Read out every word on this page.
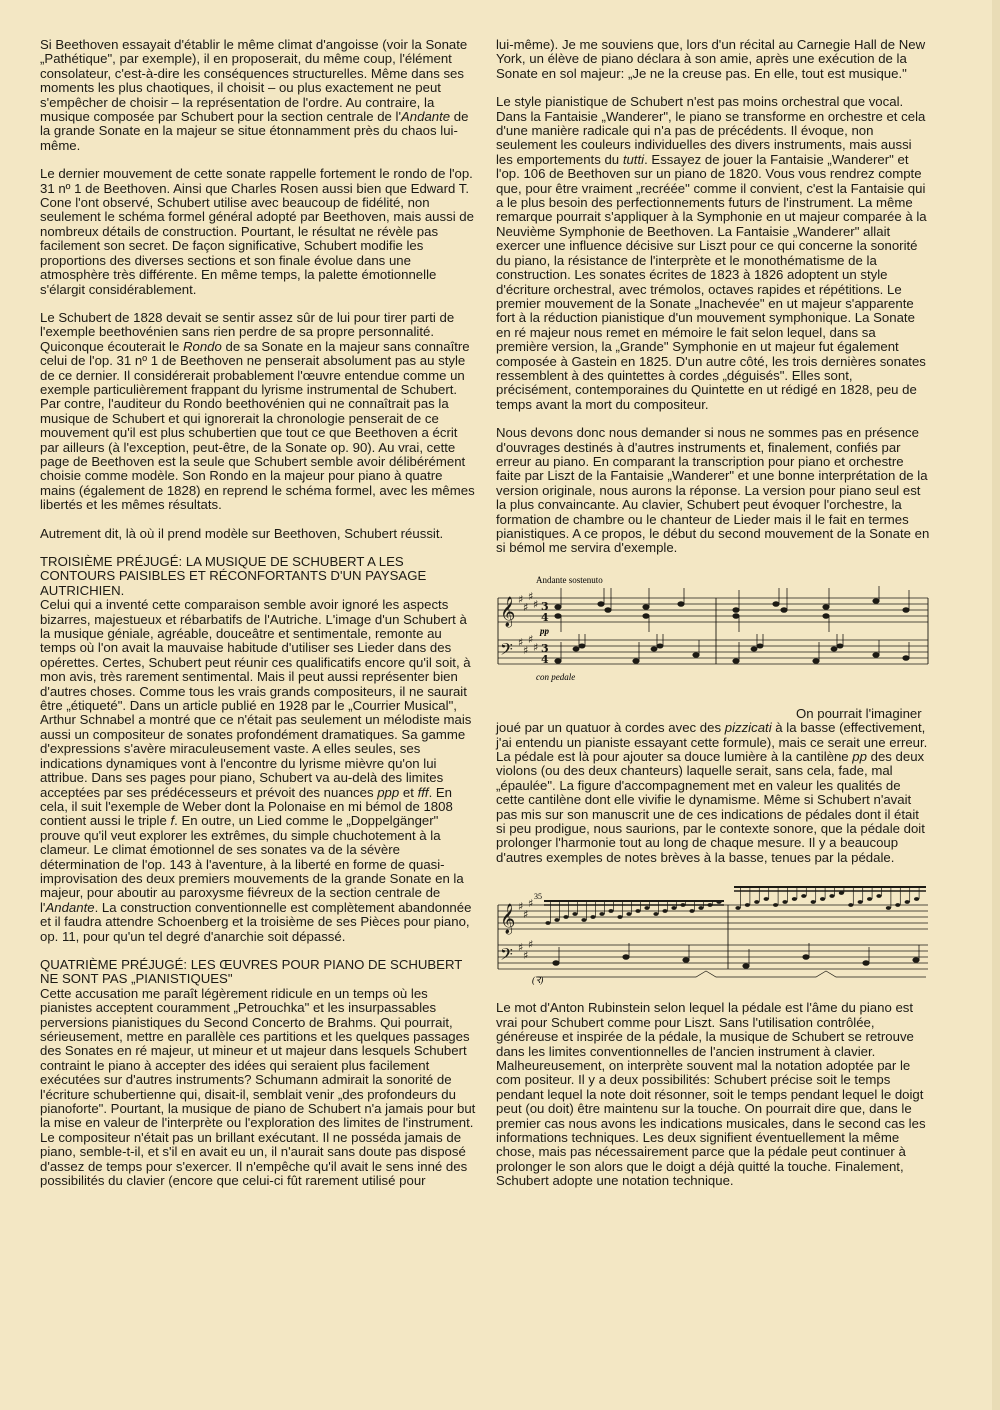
Si Beethoven essayait d'établir le même climat d'angoisse (voir la Sonate „Pathétique", par exemple), il en proposerait, du même coup, l'élément consolateur, c'est-à-dire les conséquences structurelles. Même dans ses moments les plus chaotiques, il choisit – ou plus exactement ne peut s'empêcher de choisir – la représentation de l'ordre. Au contraire, la musique composée par Schubert pour la section centrale de l'Andante de la grande Sonate en la majeur se situe étonnamment près du chaos lui-même.

Le dernier mouvement de cette sonate rappelle fortement le rondo de l'op. 31 nº 1 de Beethoven. Ainsi que Charles Rosen aussi bien que Edward T. Cone l'ont observé, Schubert utilise avec beaucoup de fidélité, non seulement le schéma formel général adopté par Beethoven, mais aussi de nombreux détails de construction. Pourtant, le résultat ne révèle pas facilement son secret. De façon significative, Schubert modifie les proportions des diverses sections et son finale évolue dans une atmosphère très différente. En même temps, la palette émotionnelle s'élargit considérablement.

Le Schubert de 1828 devait se sentir assez sûr de lui pour tirer parti de l'exemple beethovénien sans rien perdre de sa propre personnalité. Quiconque écouterait le Rondo de sa Sonate en la majeur sans connaître celui de l'op. 31 nº 1 de Beethoven ne penserait absolument pas au style de ce dernier. Il considérerait probablement l'œuvre entendue comme un exemple particulièrement frappant du lyrisme instrumental de Schubert. Par contre, l'auditeur du Rondo beethovénien qui ne connaîtrait pas la musique de Schubert et qui ignorerait la chronologie penserait de ce mouvement qu'il est plus schubertien que tout ce que Beethoven a écrit par ailleurs (à l'exception, peut-être, de la Sonate op. 90). Au vrai, cette page de Beethoven est la seule que Schubert semble avoir délibérément choisie comme modèle. Son Rondo en la majeur pour piano à quatre mains (également de 1828) en reprend le schéma formel, avec les mêmes libertés et les mêmes résultats.

Autrement dit, là où il prend modèle sur Beethoven, Schubert réussit.

TROISIÈME PRÉJUGÉ: LA MUSIQUE DE SCHUBERT A LES CONTOURS PAISIBLES ET RÉCONFORTANTS D'UN PAYSAGE AUTRICHIEN.

Celui qui a inventé cette comparaison semble avoir ignoré les aspects bizarres, majestueux et rébarbatifs de l'Autriche. L'image d'un Schubert à la musique géniale, agréable, douceâtre et sentimentale, remonte au temps où l'on avait la mauvaise habitude d'utiliser ses Lieder dans des opérettes. Certes, Schubert peut réunir ces qualificatifs encore qu'il soit, à mon avis, très rarement sentimental. Mais il peut aussi représenter bien d'autres choses. Comme tous les vrais grands compositeurs, il ne saurait être „étiqueté". Dans un article publié en 1928 par le „Courrier Musical", Arthur Schnabel a montré que ce n'était pas seulement un mélodiste mais aussi un compositeur de sonates profondément dramatiques. Sa gamme d'expressions s'avère miraculeusement vaste. A elles seules, ses indications dynamiques vont à l'encontre du lyrisme mièvre qu'on lui attribue. Dans ses pages pour piano, Schubert va au-delà des limites acceptées par ses prédécesseurs et prévoit des nuances ppp et fff. En cela, il suit l'exemple de Weber dont la Polonaise en mi bémol de 1808 contient aussi le triple f. En outre, un Lied comme le „Doppelgänger" prouve qu'il veut explorer les extrêmes, du simple chuchotement à la clameur. Le climat émotionnel de ses sonates va de la sévère détermination de l'op. 143 à l'aventure, à la liberté en forme de quasi-improvisation des deux premiers mouvements de la grande Sonate en la majeur, pour aboutir au paroxysme fiévreux de la section centrale de l'Andante. La construction conventionnelle est complètement abandonnée et il faudra attendre Schoenberg et la troisième de ses Pièces pour piano, op. 11, pour qu'un tel degré d'anarchie soit dépassé.

QUATRIÈME PRÉJUGÉ: LES ŒUVRES POUR PIANO DE SCHUBERT NE SONT PAS „PIANISTIQUES"

Cette accusation me paraît légèrement ridicule en un temps où les pianistes acceptent couramment „Petrouchka" et les insurpassables perversions pianistiques du Second Concerto de Brahms. Qui pourrait, sérieusement, mettre en parallèle ces partitions et les quelques passages des Sonates en ré majeur, ut mineur et ut majeur dans lesquels Schubert contraint le piano à accepter des idées qui seraient plus facilement exécutées sur d'autres instruments? Schumann admirait la sonorité de l'écriture schubertienne qui, disait-il, semblait venir „des profondeurs du pianoforte". Pourtant, la musique de piano de Schubert n'a jamais pour but la mise en valeur de l'interprète ou l'exploration des limites de l'instrument. Le compositeur n'était pas un brillant exécutant. Il ne posséda jamais de piano, semble-t-il, et s'il en avait eu un, il n'aurait sans doute pas disposé d'assez de temps pour s'exercer. Il n'empêche qu'il avait le sens inné des possibilités du clavier (encore que celui-ci fût rarement utilisé pour

lui-même). Je me souviens que, lors d'un récital au Carnegie Hall de New York, un élève de piano déclara à son amie, après une exécution de la Sonate en sol majeur: „Je ne la creuse pas. En elle, tout est musique."

Le style pianistique de Schubert n'est pas moins orchestral que vocal. Dans la Fantaisie „Wanderer", le piano se transforme en orchestre et cela d'une manière radicale qui n'a pas de précédents. Il évoque, non seulement les couleurs individuelles des divers instruments, mais aussi les emportements du tutti. Essayez de jouer la Fantaisie „Wanderer" et l'op. 106 de Beethoven sur un piano de 1820. Vous vous rendrez compte que, pour être vraiment „recréée" comme il convient, c'est la Fantaisie qui a le plus besoin des perfectionnements futurs de l'instrument. La même remarque pourrait s'appliquer à la Symphonie en ut majeur comparée à la Neuvième Symphonie de Beethoven. La Fantaisie „Wanderer" allait exercer une influence décisive sur Liszt pour ce qui concerne la sonorité du piano, la résistance de l'interprète et le monothématisme de la construction. Les sonates écrites de 1823 à 1826 adoptent un style d'écriture orchestral, avec trémolos, octaves rapides et répétitions. Le premier mouvement de la Sonate „Inachevée" en ut majeur s'apparente fort à la réduction pianistique d'un mouvement symphonique. La Sonate en ré majeur nous remet en mémoire le fait selon lequel, dans sa première version, la „Grande" Symphonie en ut majeur fut également composée à Gastein en 1825. D'un autre côté, les trois dernières sonates ressemblent à des quintettes à cordes „déguisés". Elles sont, précisément, contemporaines du Quintette en ut rédigé en 1828, peu de temps avant la mort du compositeur.

Nous devons donc nous demander si nous ne sommes pas en présence d'ouvrages destinés à d'autres instruments et, finalement, confiés par erreur au piano. En comparant la transcription pour piano et orchestre faite par Liszt de la Fantaisie „Wanderer" et une bonne interprétation de la version originale, nous aurons la réponse. La version pour piano seul est la plus convaincante. Au clavier, Schubert peut évoquer l'orchestre, la formation de chambre ou le chanteur de Lieder mais il le fait en termes pianistiques. A ce propos, le début du second mouvement de la Sonate en si bémol me servira d'exemple.

Andante sostenuto
𝄞
𝄢
♯
♯
♯
♯
♯
♯
♯
♯
3
4
3
4
pp
con pedale

On pourrait l'imaginer joué par un quatuor à cordes avec des pizzicati à la basse (effectivement, j'ai entendu un pianiste essayant cette formule), mais ce serait une erreur. La pédale est là pour ajouter sa douce lumière à la cantilène pp des deux violons (ou des deux chanteurs) laquelle serait, sans cela, fade, mal „épaulée". La figure d'accompagnement met en valeur les qualités de cette cantilène dont elle vivifie le dynamisme. Même si Schubert n'avait pas mis sur son manuscrit une de ces indications de pédales dont il était si peu prodigue, nous saurions, par le contexte sonore, que la pédale doit prolonger l'harmonie tout au long de chaque mesure. Il y a beaucoup d'autres exemples de notes brèves à la basse, tenues par la pédale.

35
𝄞
𝄢
♯
♯
♯
♯
♯
♯
(Ꝛ)

Le mot d'Anton Rubinstein selon lequel la pédale est l'âme du piano est vrai pour Schubert comme pour Liszt. Sans l'utilisation contrôlée, généreuse et inspirée de la pédale, la musique de Schubert se retrouve dans les limites conventionnelles de l'ancien instrument à clavier. Malheureusement, on interprète souvent mal la notation adoptée par le com positeur. Il y a deux possibilités: Schubert précise soit le temps pendant lequel la note doit résonner, soit le temps pendant lequel le doigt peut (ou doit) être maintenu sur la touche. On pourrait dire que, dans le premier cas nous avons les indications musicales, dans le second cas les informations techniques. Les deux signifient éventuellement la même chose, mais pas nécessairement parce que la pédale peut continuer à prolonger le son alors que le doigt a déjà quitté la touche. Finalement, Schubert adopte une notation technique.
